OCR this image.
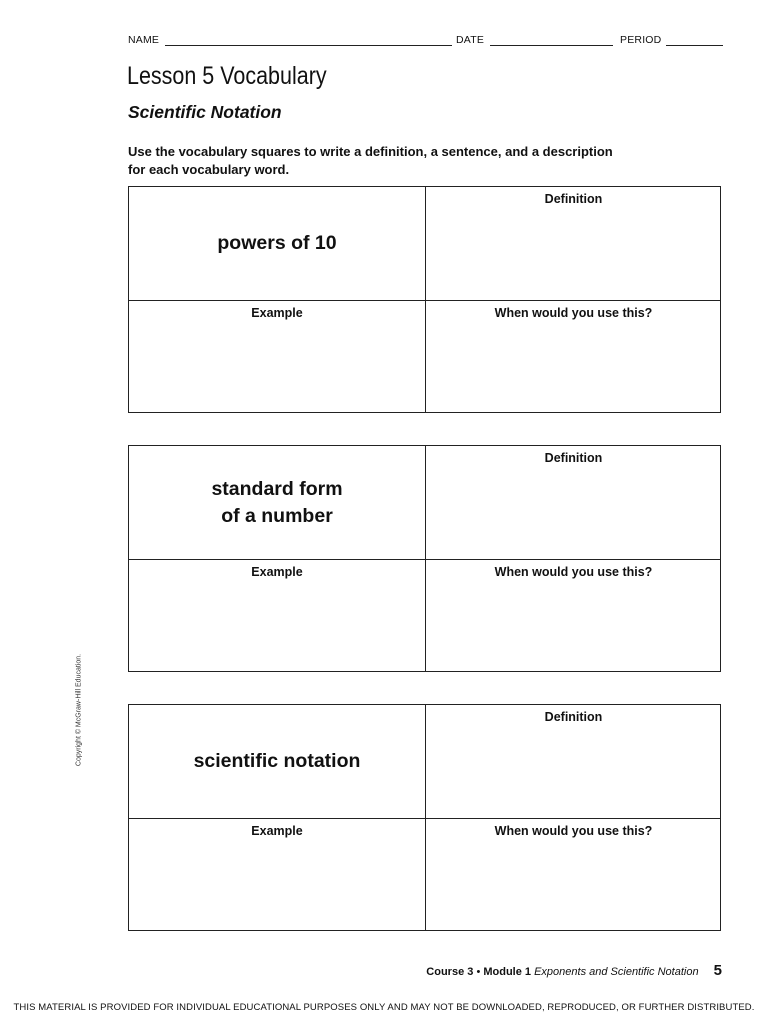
NAME	DATE	PERIOD
Lesson 5 Vocabulary
Scientific Notation
Use the vocabulary squares to write a definition, a sentence, and a description
for each vocabulary word.
powers of 10
Definition
Example	When would you use this?
standard form
of a number
Definition
Example	When would you use this?
scientific notation
Definition
Example	When would you use this?
Copyright © McGraw-Hill Education.
Course 3 • Module 1 Exponents and Scientific Notation 5
THIS MATERIAL IS PROVIDED FOR INDIVIDUAL EDUCATIONAL PURPOSES ONLY AND MAY NOT BE DOWNLOADED, REPRODUCED, OR FURTHER DISTRIBUTED.
